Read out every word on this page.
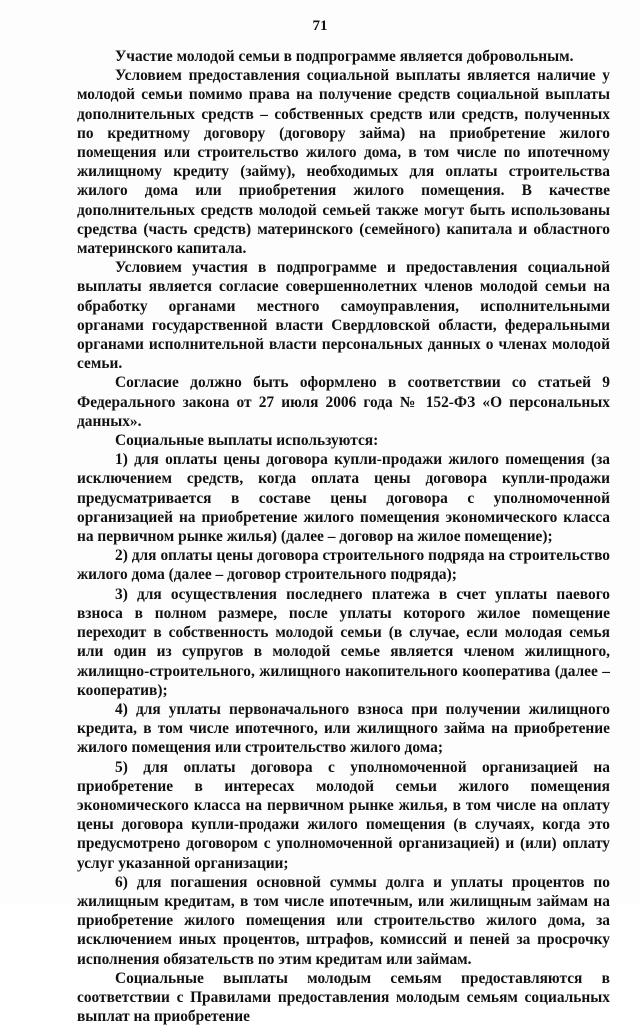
71

Участие молодой семьи в подпрограмме является добровольным.

Условием предоставления социальной выплаты является наличие у молодой семьи помимо права на получение средств социальной выплаты дополнительных средств – собственных средств или средств, полученных по кредитному договору (договору займа) на приобретение жилого помещения или строительство жилого дома, в том числе по ипотечному жилищному кредиту (займу), необходимых для оплаты строительства жилого дома или приобретения жилого помещения. В качестве дополнительных средств молодой семьей также могут быть использованы средства (часть средств) материнского (семейного) капитала и областного материнского капитала.

Условием участия в подпрограмме и предоставления социальной выплаты является согласие совершеннолетних членов молодой семьи на обработку органами местного самоуправления, исполнительными органами государственной власти Свердловской области, федеральными органами исполнительной власти персональных данных о членах молодой семьи.

Согласие должно быть оформлено в соответствии со статьей 9 Федерального закона от 27 июля 2006 года № 152-ФЗ «О персональных данных».

Социальные выплаты используются:

1) для оплаты цены договора купли-продажи жилого помещения (за исключением средств, когда оплата цены договора купли-продажи предусматривается в составе цены договора с уполномоченной организацией на приобретение жилого помещения экономического класса на первичном рынке жилья) (далее – договор на жилое помещение);

2) для оплаты цены договора строительного подряда на строительство жилого дома (далее – договор строительного подряда);

3) для осуществления последнего платежа в счет уплаты паевого взноса в полном размере, после уплаты которого жилое помещение переходит в собственность молодой семьи (в случае, если молодая семья или один из супругов в молодой семье является членом жилищного, жилищно-строительного, жилищного накопительного кооператива (далее – кооператив);

4) для уплаты первоначального взноса при получении жилищного кредита, в том числе ипотечного, или жилищного займа на приобретение жилого помещения или строительство жилого дома;

5) для оплаты договора с уполномоченной организацией на приобретение в интересах молодой семьи жилого помещения экономического класса на первичном рынке жилья, в том числе на оплату цены договора купли-продажи жилого помещения (в случаях, когда это предусмотрено договором с уполномоченной организацией) и (или) оплату услуг указанной организации;

6) для погашения основной суммы долга и уплаты процентов по жилищным кредитам, в том числе ипотечным, или жилищным займам на приобретение жилого помещения или строительство жилого дома, за исключением иных процентов, штрафов, комиссий и пеней за просрочку исполнения обязательств по этим кредитам или займам.

Социальные выплаты молодым семьям предоставляются в соответствии с Правилами предоставления молодым семьям социальных выплат на приобретение
